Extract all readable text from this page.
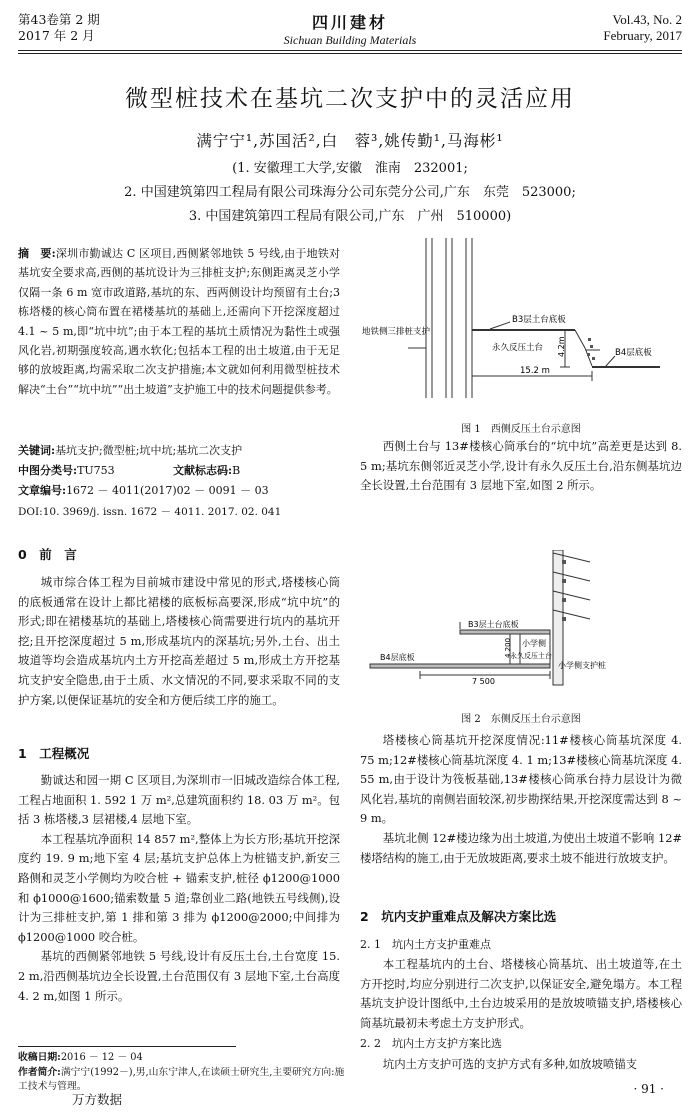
第43卷第 2 期
2017 年 2 月
四川建材
Sichuan Building Materials
Vol.43, No. 2
February, 2017
微型桩技术在基坑二次支护中的灵活应用
满宁宁¹,苏国活²,白　蓉³,姚传勤¹,马海彬¹
(1. 安徽理工大学,安徽　淮南　232001;
2. 中国建筑第四工程局有限公司珠海分公司东莞分公司,广东　东莞　523000;
3. 中国建筑第四工程局有限公司,广东　广州　510000)
摘　要:深圳市勤诚达 C 区项目,西侧紧邻地铁 5 号线,由于地铁对基坑安全要求高,西侧的基坑设计为三排桩支护;东侧距离灵芝小学仅隔一条 6 m 宽市政道路,基坑的东、西两侧设计均预留有土台;3 栋塔楼的核心筒布置在裙楼基坑的基础上,还需向下开挖深度超过 4.1 ~ 5 m,即“坑中坑”;由于本工程的基坑土质情况为黏性土或强风化岩,初期强度较高,遇水软化;包括本工程的出土坡道,由于无足够的放坡距离,均需采取二次支护措施;本文就如何利用微型桩技术解决“土台”“坑中坑”“出土坡道”支护施工中的技术问题提供参考。
关键词:基坑支护;微型桩;坑中坑;基坑二次支护
中图分类号:TU753	文献标志码:B
文章编号:1672 － 4011(2017)02 － 0091 － 03
DOI:10. 3969/j. issn. 1672 － 4011. 2017. 02. 041
0　前　言

城市综合体工程为目前城市建设中常见的形式,塔楼核心筒的底板通常在设计上都比裙楼的底板标高要深,形成“坑中坑”的形式;即在裙楼基坑的基础上,塔楼核心筒需要进行坑内的基坑开挖;且开挖深度超过 5 m,形成基坑内的深基坑;另外,土台、出土坡道等均会造成基坑内土方开挖高差超过 5 m,形成土方开挖基坑支护安全隐患,由于土质、水文情况的不同,要求采取不同的支护方案,以便保证基坑的安全和方便后续工序的施工。

1　工程概况

勤诚达和园一期 C 区项目,为深圳市一旧城改造综合体工程,工程占地面积 1. 592 1 万 m²,总建筑面积约 18. 03 万 m²。包括 3 栋塔楼,3 层裙楼,4 层地下室。

本工程基坑净面积 14 857 m²,整体上为长方形;基坑开挖深度约 19. 9 m;地下室 4 层;基坑支护总体上为桩锚支护,新安三路侧和灵芝小学侧均为咬合桩 + 锚索支护,桩径 ϕ1200@1000 和 ϕ1000@1600;锚索数量 5 道;靠创业二路(地铁五号线侧),设计为三排桩支护,第 1 排和第 3 排为 ϕ1200@2000;中间排为 ϕ1200@1000 咬合桩。

基坑的西侧紧邻地铁 5 号线,设计有反压土台,土台宽度 15. 2 m,沿西侧基坑边全长设置,土台范围仅有 3 层地下室,土台高度 4. 2 m,如图 1 所示。

收稿日期:2016 － 12 － 04
作者简介:满宁宁(1992－),男,山东宁津人,在读硕士研究生,主要研究方向:施工技术与管理。
万方数据
地铁侧三排桩支护
B3层土台底板
永久反压土台 4.2m
15.2 m
B4层底板
图 1　西侧反压土台示意图

西侧土台与 13#楼核心筒承台的“坑中坑”高差更是达到 8. 5 m;基坑东侧邻近灵芝小学,设计有永久反压土台,沿东侧基坑边全长设置,土台范围有 3 层地下室,如图 2 所示。

B3层土台底板
B4层底板
小学侧
永久反压土台
小学侧支护桩
4 200
7 500
图 2　东侧反压土台示意图

塔楼核心筒基坑开挖深度情况:11#楼核心筒基坑深度 4. 75 m;12#楼核心筒基坑深度 4. 1 m;13#楼核心筒基坑深度 4. 55 m,由于设计为筏板基础,13#楼核心筒承台持力层设计为微风化岩,基坑的南侧岩面较深,初步勘探结果,开挖深度需达到 8 ~ 9 m。

基坑北侧 12#楼边缘为出土坡道,为使出土坡道不影响 12#楼塔结构的施工,由于无放坡距离,要求土坡不能进行放坡支护。

2　坑内支护重难点及解决方案比选
2. 1　坑内土方支护重难点

本工程基坑内的土台、塔楼核心筒基坑、出土坡道等,在土方开挖时,均应分别进行二次支护,以保证安全,避免塌方。本工程基坑支护设计图纸中,土台边坡采用的是放坡喷锚支护,塔楼核心筒基坑最初未考虑土方支护形式。

2. 2　坑内土方支护方案比选

坑内土方支护可选的支护方式有多种,如放坡喷锚支

· 91 ·
